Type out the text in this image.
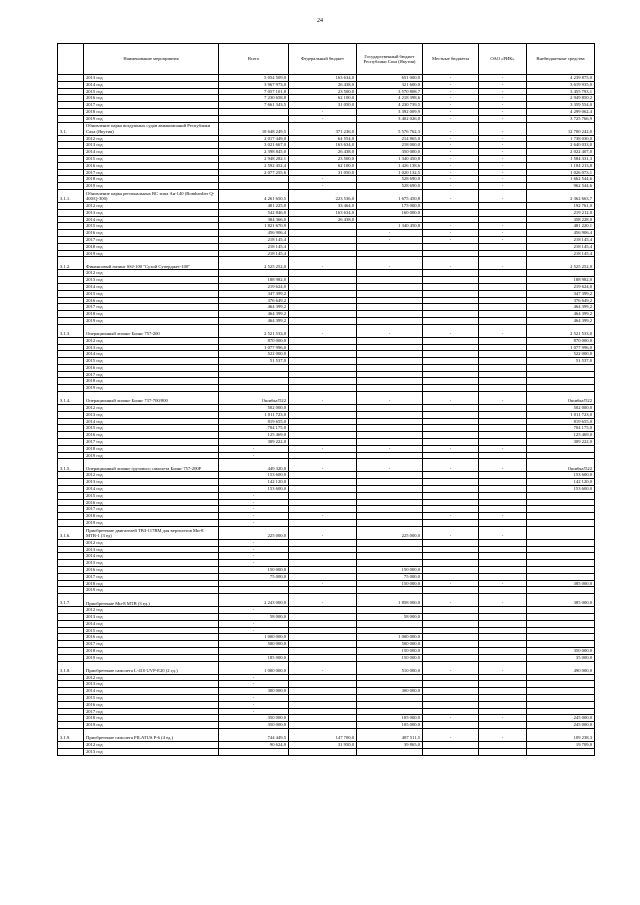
24
	Наименование мероприятия	Всего	Федеральный бюджет	Государственный бюджет Республики Саха (Якутия)	Местные бюджеты	ОАО «РИК»	Внебюджетные средства
	2013 год	5 054 509,0	163 634,0	651 000,0	-	-	4 239 875,0
	2014 год	3 967 973,0	26 438,0	321 600,0	-	-	3 619 935,0
	2015 год	7 057 101,8	23 500,0	3 570 808,7	-	-	3 455 793,1
	2016 год	7 230 658,8	62 100,0	4 218 398,6	-	-	2 949 850,2
	2017 год	7 661 343,5	31 050,0	4 230 739,5	-	-	3 359 554,0
	2018 год		-	3 392 009,9	-	-	4 299 062,4
	2019 год		-	3 402 026,0	-	-	3 725 766,9
3.1.	Обновление парка воздушных судов авиакомпаний Республики Саха (Якутия)	18 648 249,5	371 236,0	5 576 762,3	-	-	12 700 242,0
	2012 год	2 017 449,0	64 554,0	214 865,0	-	-	1 738 030,0
	2013 год	3 021 667,0	163 634,0	218 000,0	-	-	2 640 033,0
	2014 год	2 398 845,0	26 438,0	350 000,0	-	-	2 022 407,0
	2015 год	2 948 282,1	23 500,0	1 340 450,8	-	-	1 584 331,3
	2016 год	2 592 452,4	62 100,0	1 426 138,6	-	-	1 104 213,8
	2017 год	2 077 255,6	31 050,0	1 020 132,5	-	-	1 026 073,1
	2018 год		-	528 690,0	-	-	1 662 544,6
	2019 год		-	528 690,0	-	-	962 544,6
3.1.1.	Обновление парка региональных ВС типа Ан-140 (Bombardier Q-400/Q-300)	4 261 650,5	223 536,0	1 675 450,8	-	-	2 362 663,7
	2012 год	401 225,0	33 464,0	175 000,0			192 761,0
	2013 год	542 846,0	163 634,0	160 000,0			219 212,0
	2014 год	384 366,0	26 438,0				358 228,0
	2015 год	1 821 670,9		1 340 450,8	-	-	481 220,1
	2016 год	456 906,4		-	-	-	456 906,4
	2017 год	218 145,4		-	-	-	218 145,4
	2018 год	218 145,4					218 145,4
	2019 год	218 145,4					218 145,4
3.1.2.	Финансовый лизинг SSJ-100 "Сухой Суперджет-100"	2 525 252,0	-	-	-	-	2 525 252,0
	2012 год						
	2013 год	188 982,0					188 982,0
	2014 год	219 624,0					219 624,0
	2015 год	347 399,2					347 399,2
	2016 год	376 649,2					376 649,2
	2017 год	464 399,2					464 399,2
	2018 год	464 399,2					464 399,2
	2019 год	464 399,2					464 399,2
3.1.3.	Операционный лизинг Боинг 757-200	2 521 533,0	-	-	-	-	2 521 533,0
	2012 год	870 000,0					870 000,0
	2013 год	1 077 996,0					1 077 996,0
	2014 год	522 000,0					522 000,0
	2015 год	51 537,0					51 537,0
	2016 год						
	2017 год						
	2018 год						
	2019 год						
3.1.4.	Операционный лизинг Боинг 737-700/800	Ошибка!522	-	-	-	-	Ошибка!522
	2012 год	502 000,0					502 000,0
	2013 год	1 011 723,0					1 011 723,0
	2014 год	819 655,0					819 655,0
	2015 год	704 175,0					704 175,0
	2016 год	125 469,0					125 469,0
	2017 год	309 222,0					309 222,0
	2018 год	-	-	-	-	-	
	2019 год	-					
3.1.5.	Операционный лизинг грузового самолета Боинг 757-200F	449 320,0	-	-	-	-	Ошибка!522
	2012 год	153 600,0					153 600,0
	2013 год	142 120,0					142 120,0
	2014 год	153 600,0					153 600,0
	2015 год	-					
	2016 год	-					
	2017 год	-					
	2018 год	-	-		-	-	
	2019 год	-					
3.1.6.	Приобретение двигателей ТВЗ-117ВМ для вертолетов Ми-8 МТВ-1 (3 ед)	225 000,0	-	225 000,0	-	-	
	2012 год	-					
	2013 год	-					
	2014 год	-					
	2015 год	-					
	2016 год	150 000,0		150 000,0			
	2017 год	75 000,0		75 000,0			
	2018 год		-	150 000,0	-	-	385 000,0
	2019 год						
3.1.7.	Приобретение Ми-8 МТВ (3 ед.)	2 243 000,0	-	1 858 000,0	-	-	385 000,0
	2012 год	-					
	2013 год	58 000,0		58 000,0			
	2014 год	-					
	2015 год	-					
	2016 год	1 000 000,0		1 000 000,0			
	2017 год	500 000,0		500 000,0			
	2018 год			150 000,0			350 000,0
	2019 год	185 000,0		150 000,0			35 000,0
3.1.8.	Приобретение самолета L-410 UVP-E20 (2 ед.)	1 000 000,0	-	510 000,0	-	-	490 000,0
	2012 год	-					
	2013 год	-					
	2014 год	300 000,0		300 000,0			
	2015 год	-					
	2016 год	-					
	2017 год	-					
	2018 год	350 000,0		105 000,0	-	-	245 000,0
	2019 год	350 000,0		105 000,0			245 000,0
3.1.9.	Приобретение самолета PILATUS P-6 (4 ед.)	744 449,5	147 700,0	487 511,5	-	-	109 238,3
	2012 год	90 624,0	31 950,0	39 865,0			19 709,0
	2013 год						
